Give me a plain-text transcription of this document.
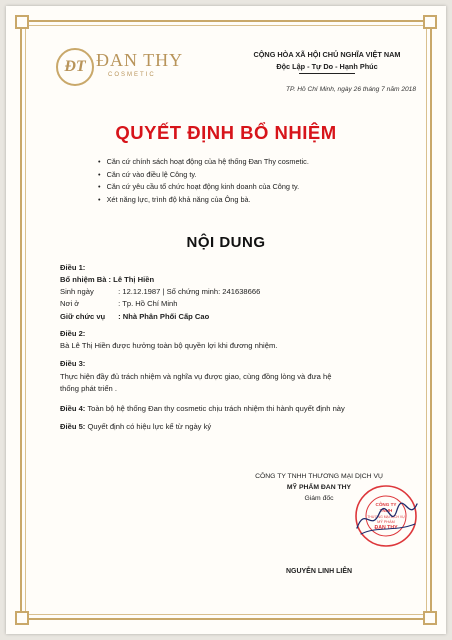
ĐT ĐAN THY
COSMETIC
CỘNG HÒA XÃ HỘI CHỦ NGHĨA VIỆT NAM
Độc Lập - Tự Do - Hạnh Phúc
TP. Hồ Chí Minh, ngày 26 tháng 7 năm 2018
QUYẾT ĐỊNH BỔ NHIỆM
• Căn cứ chính sách hoạt động của hệ thống Đan Thy cosmetic.
• Căn cứ vào điều lệ Công ty.
• Căn cứ yêu cầu tổ chức hoạt động kinh doanh của Công ty.
• Xét năng lực, trình độ khả năng của Ông bà.
NỘI DUNG
Điều 1:
Bổ nhiệm Bà : Lê Thị Hiền
Sinh ngày	: 12.12.1987 | Số chứng minh: 241638666
Nơi ở	: Tp. Hồ Chí Minh
Giữ chức vụ : Nhà Phân Phối Cấp Cao
Điều 2:
Bà Lê Thị Hiền được hưởng toàn bộ quyền lợi khi đương nhiệm.
Điều 3:
Thực hiện đầy đủ trách nhiệm và nghĩa vụ được giao, cùng đồng lòng và đưa hệ
thống phát triển .
Điều 4: Toàn bộ hệ thống Đan thy cosmetic chịu trách nhiệm thi hành quyết định này
Điều 5: Quyết định có hiệu lực kể từ ngày ký
CÔNG TY TNHH THƯƠNG MẠI DỊCH VỤ
MỸ PHẨM ĐAN THY
Giám đốc
CÔNG TY
TNHH
THƯƠNG MẠI DỊCH VỤ
MỸ PHẨM
ĐAN THY
NGUYỄN LINH LIÊN
